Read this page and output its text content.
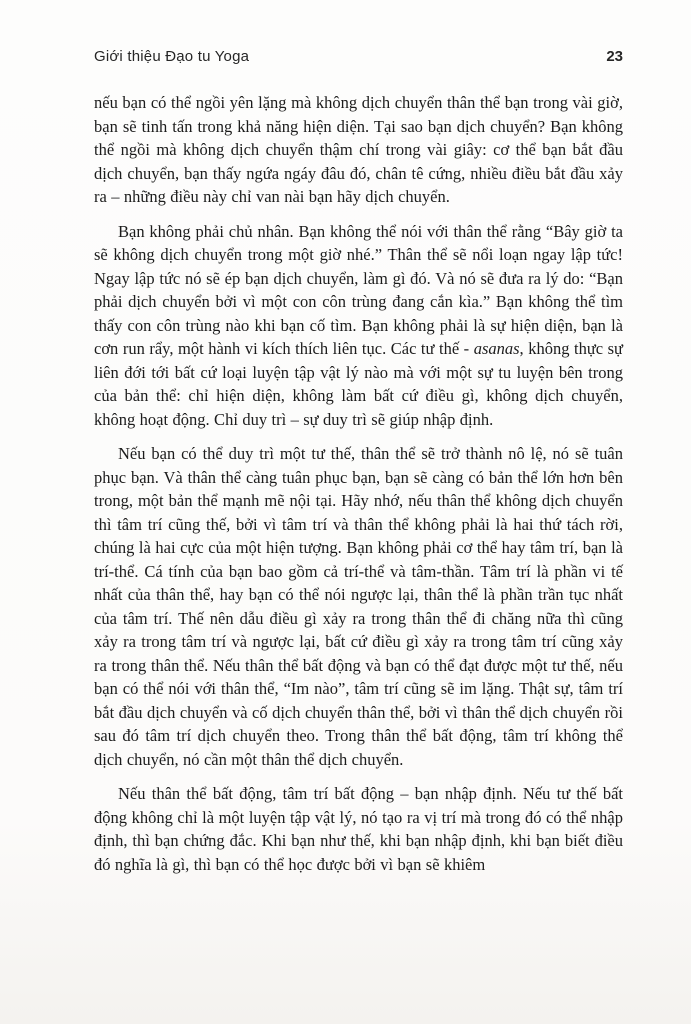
Giới thiệu Đạo tu Yoga	23

nếu bạn có thể ngồi yên lặng mà không dịch chuyển thân thể bạn trong vài giờ, bạn sẽ tinh tấn trong khả năng hiện diện. Tại sao bạn dịch chuyển? Bạn không thể ngồi mà không dịch chuyển thậm chí trong vài giây: cơ thể bạn bắt đầu dịch chuyển, bạn thấy ngứa ngáy đâu đó, chân tê cứng, nhiều điều bắt đầu xảy ra – những điều này chỉ van nài bạn hãy dịch chuyển.

Bạn không phải chủ nhân. Bạn không thể nói với thân thể rằng “Bây giờ ta sẽ không dịch chuyển trong một giờ nhé.” Thân thể sẽ nổi loạn ngay lập tức! Ngay lập tức nó sẽ ép bạn dịch chuyển, làm gì đó. Và nó sẽ đưa ra lý do: “Bạn phải dịch chuyển bởi vì một con côn trùng đang cắn kìa.” Bạn không thể tìm thấy con côn trùng nào khi bạn cố tìm. Bạn không phải là sự hiện diện, bạn là cơn run rẩy, một hành vi kích thích liên tục. Các tư thế - asanas, không thực sự liên đới tới bất cứ loại luyện tập vật lý nào mà với một sự tu luyện bên trong của bản thể: chỉ hiện diện, không làm bất cứ điều gì, không dịch chuyển, không hoạt động. Chỉ duy trì – sự duy trì sẽ giúp nhập định.

Nếu bạn có thể duy trì một tư thế, thân thể sẽ trở thành nô lệ, nó sẽ tuân phục bạn. Và thân thể càng tuân phục bạn, bạn sẽ càng có bản thể lớn hơn bên trong, một bản thể mạnh mẽ nội tại. Hãy nhớ, nếu thân thể không dịch chuyển thì tâm trí cũng thế, bởi vì tâm trí và thân thể không phải là hai thứ tách rời, chúng là hai cực của một hiện tượng. Bạn không phải cơ thể hay tâm trí, bạn là trí-thể. Cá tính của bạn bao gồm cả trí-thể và tâm-thần. Tâm trí là phần vi tế nhất của thân thể, hay bạn có thể nói ngược lại, thân thể là phần trần tục nhất của tâm trí. Thế nên dẫu điều gì xảy ra trong thân thể đi chăng nữa thì cũng xảy ra trong tâm trí và ngược lại, bất cứ điều gì xảy ra trong tâm trí cũng xảy ra trong thân thể. Nếu thân thể bất động và bạn có thể đạt được một tư thế, nếu bạn có thể nói với thân thể, “Im nào”, tâm trí cũng sẽ im lặng. Thật sự, tâm trí bắt đầu dịch chuyển và cố dịch chuyển thân thể, bởi vì thân thể dịch chuyển rồi sau đó tâm trí dịch chuyển theo. Trong thân thể bất động, tâm trí không thể dịch chuyển, nó cần một thân thể dịch chuyển.

Nếu thân thể bất động, tâm trí bất động – bạn nhập định. Nếu tư thế bất động không chỉ là một luyện tập vật lý, nó tạo ra vị trí mà trong đó có thể nhập định, thì bạn chứng đắc. Khi bạn như thế, khi bạn nhập định, khi bạn biết điều đó nghĩa là gì, thì bạn có thể học được bởi vì bạn sẽ khiêm
